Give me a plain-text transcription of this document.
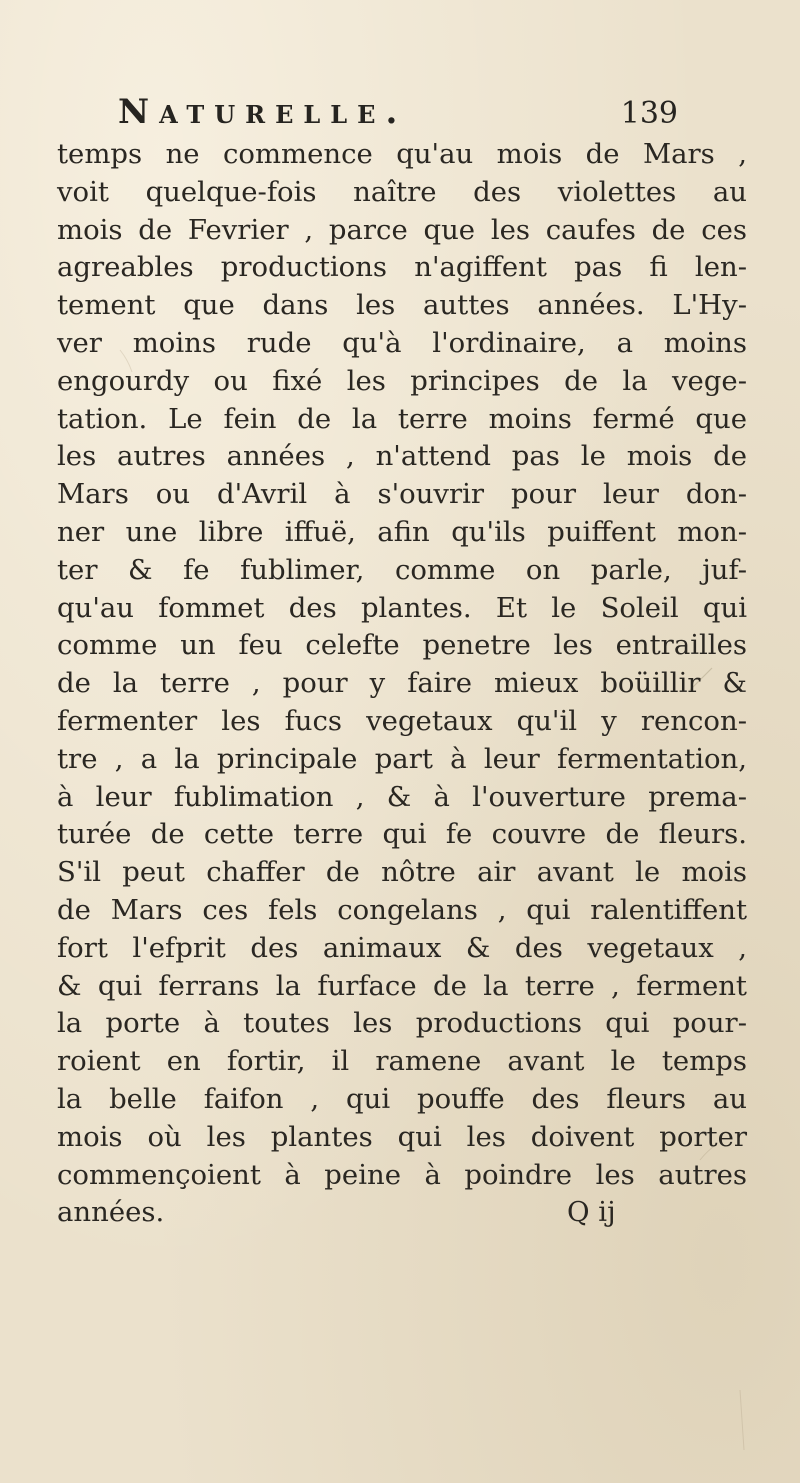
Naturelle.	139
temps ne commence qu'au mois de Mars ,
voit quelque-fois naître des violettes au
mois de Fevrier , parce que les caufes de ces
agreables productions n'agiffent pas fi len-
tement que dans les auttes années. L'Hy-
ver moins rude qu'à l'ordinaire, a moins
engourdy ou fixé les principes de la vege-
tation. Le fein de la terre moins fermé que
les autres années , n'attend pas le mois de
Mars ou d'Avril à s'ouvrir pour leur don-
ner une libre iffuë, afin qu'ils puiffent mon-
ter & fe fublimer, comme on parle, juf-
qu'au fommet des plantes. Et le Soleil qui
comme un feu celefte penetre les entrailles
de la terre , pour y faire mieux boüillir &
fermenter les fucs vegetaux qu'il y rencon-
tre , a la principale part à leur fermentation,
à leur fublimation , & à l'ouverture prema-
turée de cette terre qui fe couvre de fleurs.
S'il peut chaffer de nôtre air avant le mois
de Mars ces fels congelans , qui ralentiffent
fort l'efprit des animaux & des vegetaux ,
& qui ferrans la furface de la terre , ferment
la porte à toutes les productions qui pour-
roient en fortir, il ramene avant le temps
la belle faifon , qui pouffe des fleurs au
mois où les plantes qui les doivent porter
commençoient à peine à poindre les autres
années.	Q ij
